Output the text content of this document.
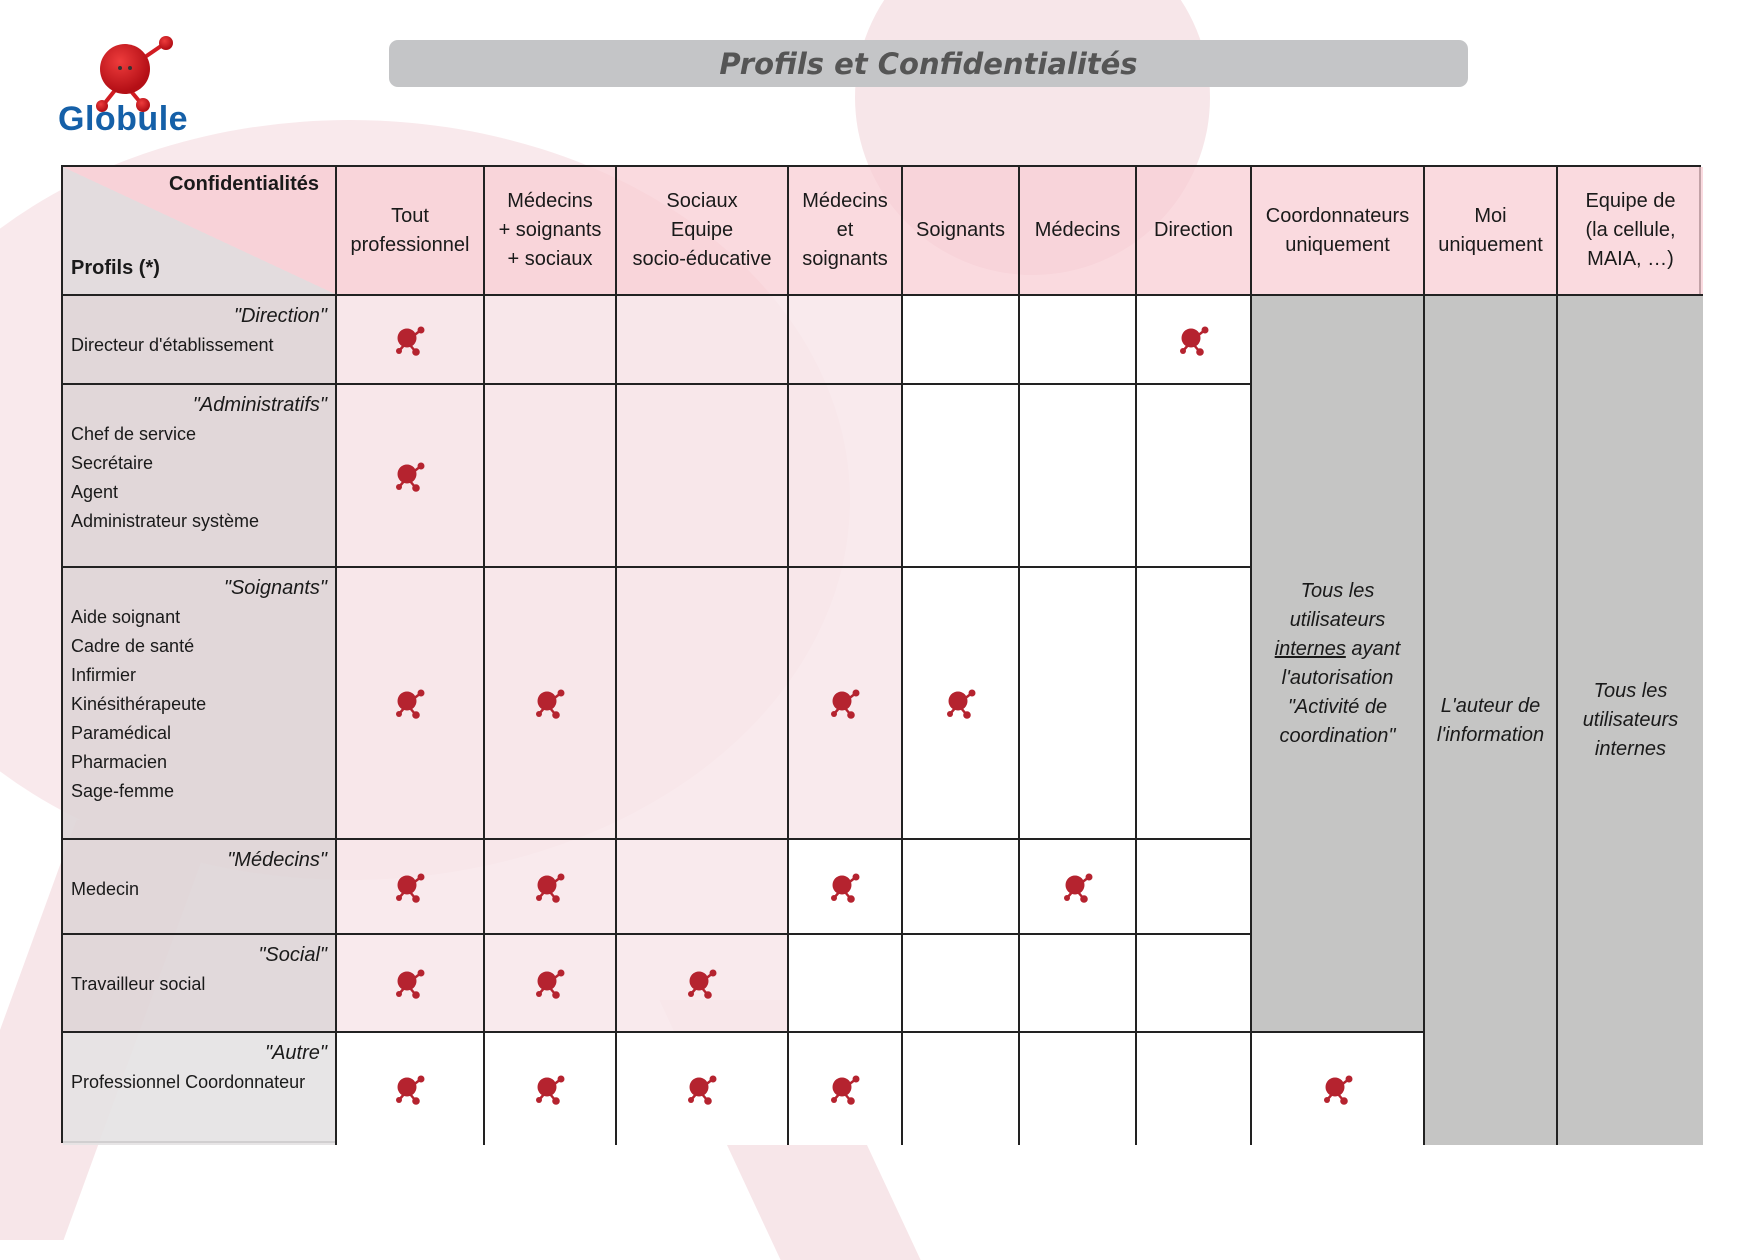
Globule
Profils et Confidentialités
Confidentialités
Profils (*)
Tout
professionnel
Médecins
+ soignants
+ sociaux
Sociaux
Equipe
socio-éducative
Médecins
et
soignants
Soignants	Médecins	Direction
Coordonnateurs
uniquement
Moi
uniquement
Equipe de
(la cellule,
MAIA, …)
"Direction"
Directeur d'établissement
"Administratifs"
Chef de service
Secrétaire
Agent
Administrateur système
"Soignants"
Aide soignant
Cadre de santé
Infirmier
Kinésithérapeute
Paramédical
Pharmacien
Sage-femme
"Médecins"
Medecin
"Social"
Travailleur social
"Autre"
Professionnel Coordonnateur
Tous les utilisateurs
internes ayant
l'autorisation
"Activité de
coordination"
L'auteur de
l'information
Tous les
utilisateurs
internes
